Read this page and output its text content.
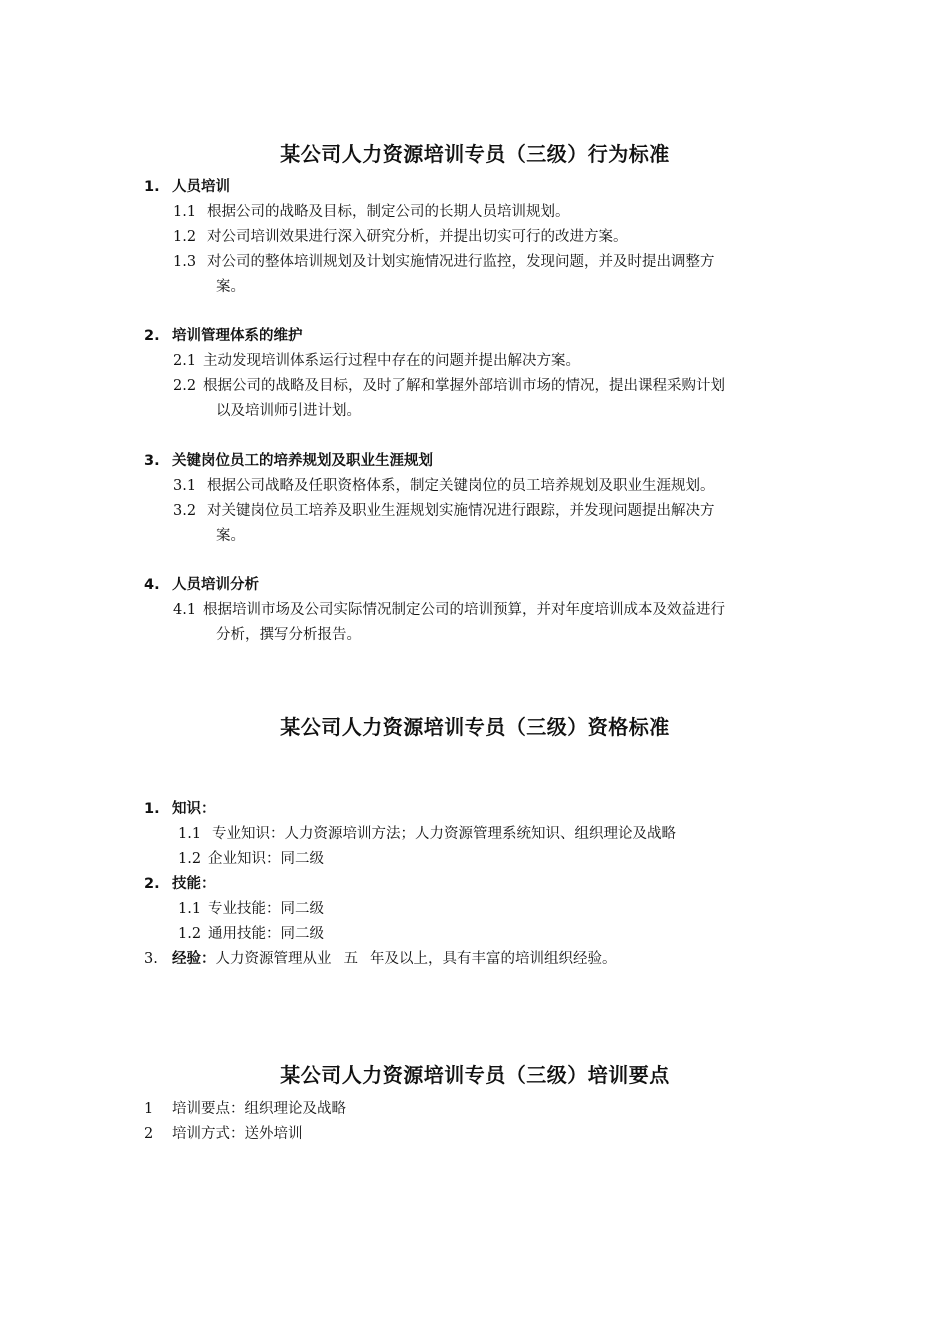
某公司人力资源培训专员（三级）行为标准
1. 人员培训
1.1 根据公司的战略及目标，制定公司的长期人员培训规划。
1.2 对公司培训效果进行深入研究分析，并提出切实可行的改进方案。
1.3 对公司的整体培训规划及计划实施情况进行监控，发现问题，并及时提出调整方
案。
2. 培训管理体系的维护
2.1 主动发现培训体系运行过程中存在的问题并提出解决方案。
2.2 根据公司的战略及目标，及时了解和掌握外部培训市场的情况，提出课程采购计划
以及培训师引进计划。
3. 关键岗位员工的培养规划及职业生涯规划
3.1 根据公司战略及任职资格体系，制定关键岗位的员工培养规划及职业生涯规划。
3.2 对关键岗位员工培养及职业生涯规划实施情况进行跟踪，并发现问题提出解决方
案。
4. 人员培训分析
4.1 根据培训市场及公司实际情况制定公司的培训预算，并对年度培训成本及效益进行
分析，撰写分析报告。
某公司人力资源培训专员（三级）资格标准
1. 知识：
1.1 专业知识：人力资源培训方法；人力资源管理系统知识、组织理论及战略
1.2 企业知识：同二级
2. 技能：
1.1 专业技能：同二级
1.2 通用技能：同二级
3. 经验：人力资源管理从业 五 年及以上，具有丰富的培训组织经验。
某公司人力资源培训专员（三级）培训要点
1 培训要点：组织理论及战略
2 培训方式：送外培训
